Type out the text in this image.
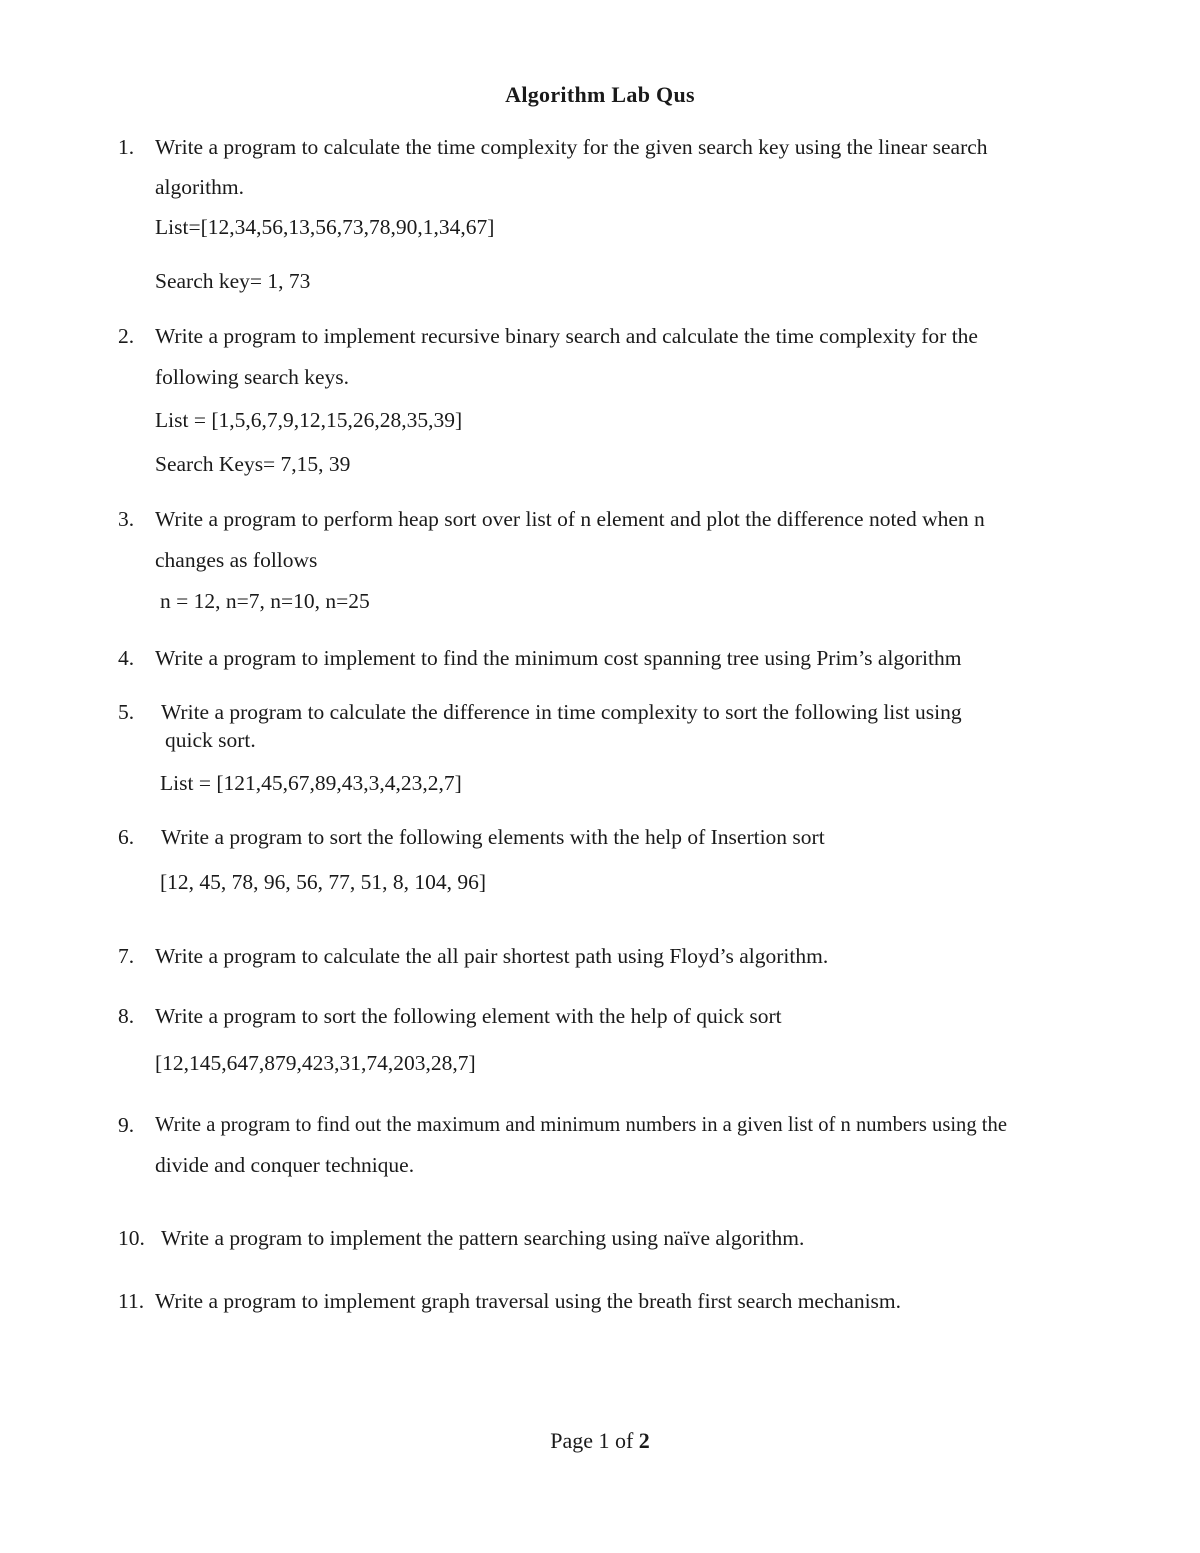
Algorithm Lab Qus
1. Write a program to calculate the time complexity for the given search key using the linear search
algorithm.
List=[12,34,56,13,56,73,78,90,1,34,67]
Search key= 1, 73
2. Write a program to implement recursive binary search and calculate the time complexity for the
following search keys.
List = [1,5,6,7,9,12,15,26,28,35,39]
Search Keys= 7,15, 39
3. Write a program to perform heap sort over list of n element and plot the difference noted when n
changes as follows
n = 12, n=7, n=10, n=25
4. Write a program to implement to find the minimum cost spanning tree using Prim’s algorithm
5. Write a program to calculate the difference in time complexity to sort the following list using
quick sort.
List = [121,45,67,89,43,3,4,23,2,7]
6. Write a program to sort the following elements with the help of Insertion sort
[12, 45, 78, 96, 56, 77, 51, 8, 104, 96]
7. Write a program to calculate the all pair shortest path using Floyd’s algorithm.
8. Write a program to sort the following element with the help of quick sort
[12,145,647,879,423,31,74,203,28,7]
9. Write a program to find out the maximum and minimum numbers in a given list of n numbers using the
divide and conquer technique.
10. Write a program to implement the pattern searching using naïve algorithm.
11. Write a program to implement graph traversal using the breath first search mechanism.
Page 1 of 2
